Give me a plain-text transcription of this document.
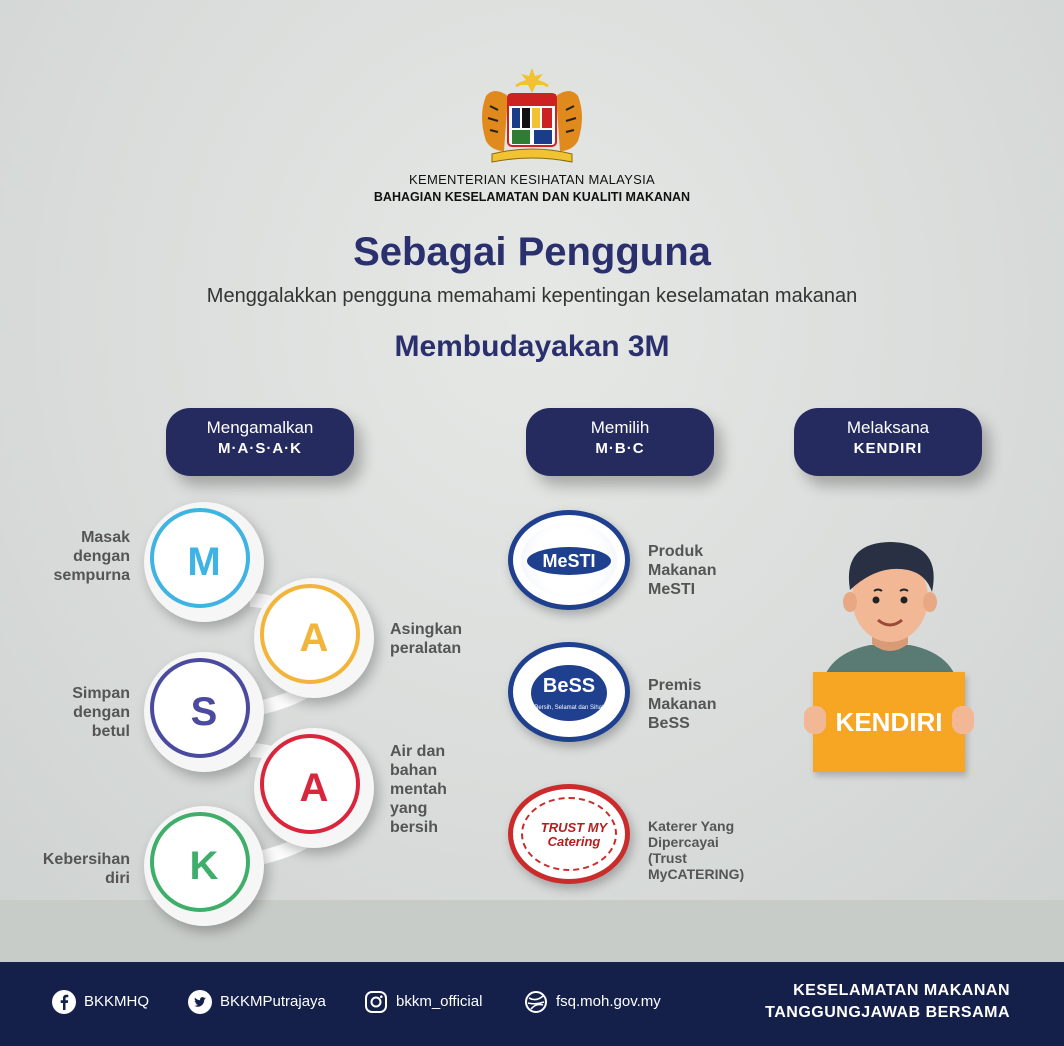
KEMENTERIAN KESIHATAN MALAYSIA
BAHAGIAN KESELAMATAN DAN KUALITI MAKANAN
Sebagai Pengguna
Menggalakkan pengguna memahami kepentingan keselamatan makanan
Membudayakan 3M
Mengamalkan
M·A·S·A·K
Memilih
M·B·C
Melaksana
KENDIRI
M
A
S
A
K
Masak
dengan
sempurna
Asingkan
peralatan
Simpan
dengan
betul
Air dan
bahan
mentah
yang
bersih
Kebersihan
diri
MeSTI
BeSS
Bersih, Selamat dan Sihat
TRUST MY Catering
Produk
Makanan
MeSTI
Premis
Makanan
BeSS
Katerer Yang
Dipercayai
(Trust
MyCATERING)
KENDIRI
BKKMHQ	BKKMPutrajaya	bkkm_official	fsq.moh.gov.my
KESELAMATAN MAKANAN
TANGGUNGJAWAB BERSAMA
